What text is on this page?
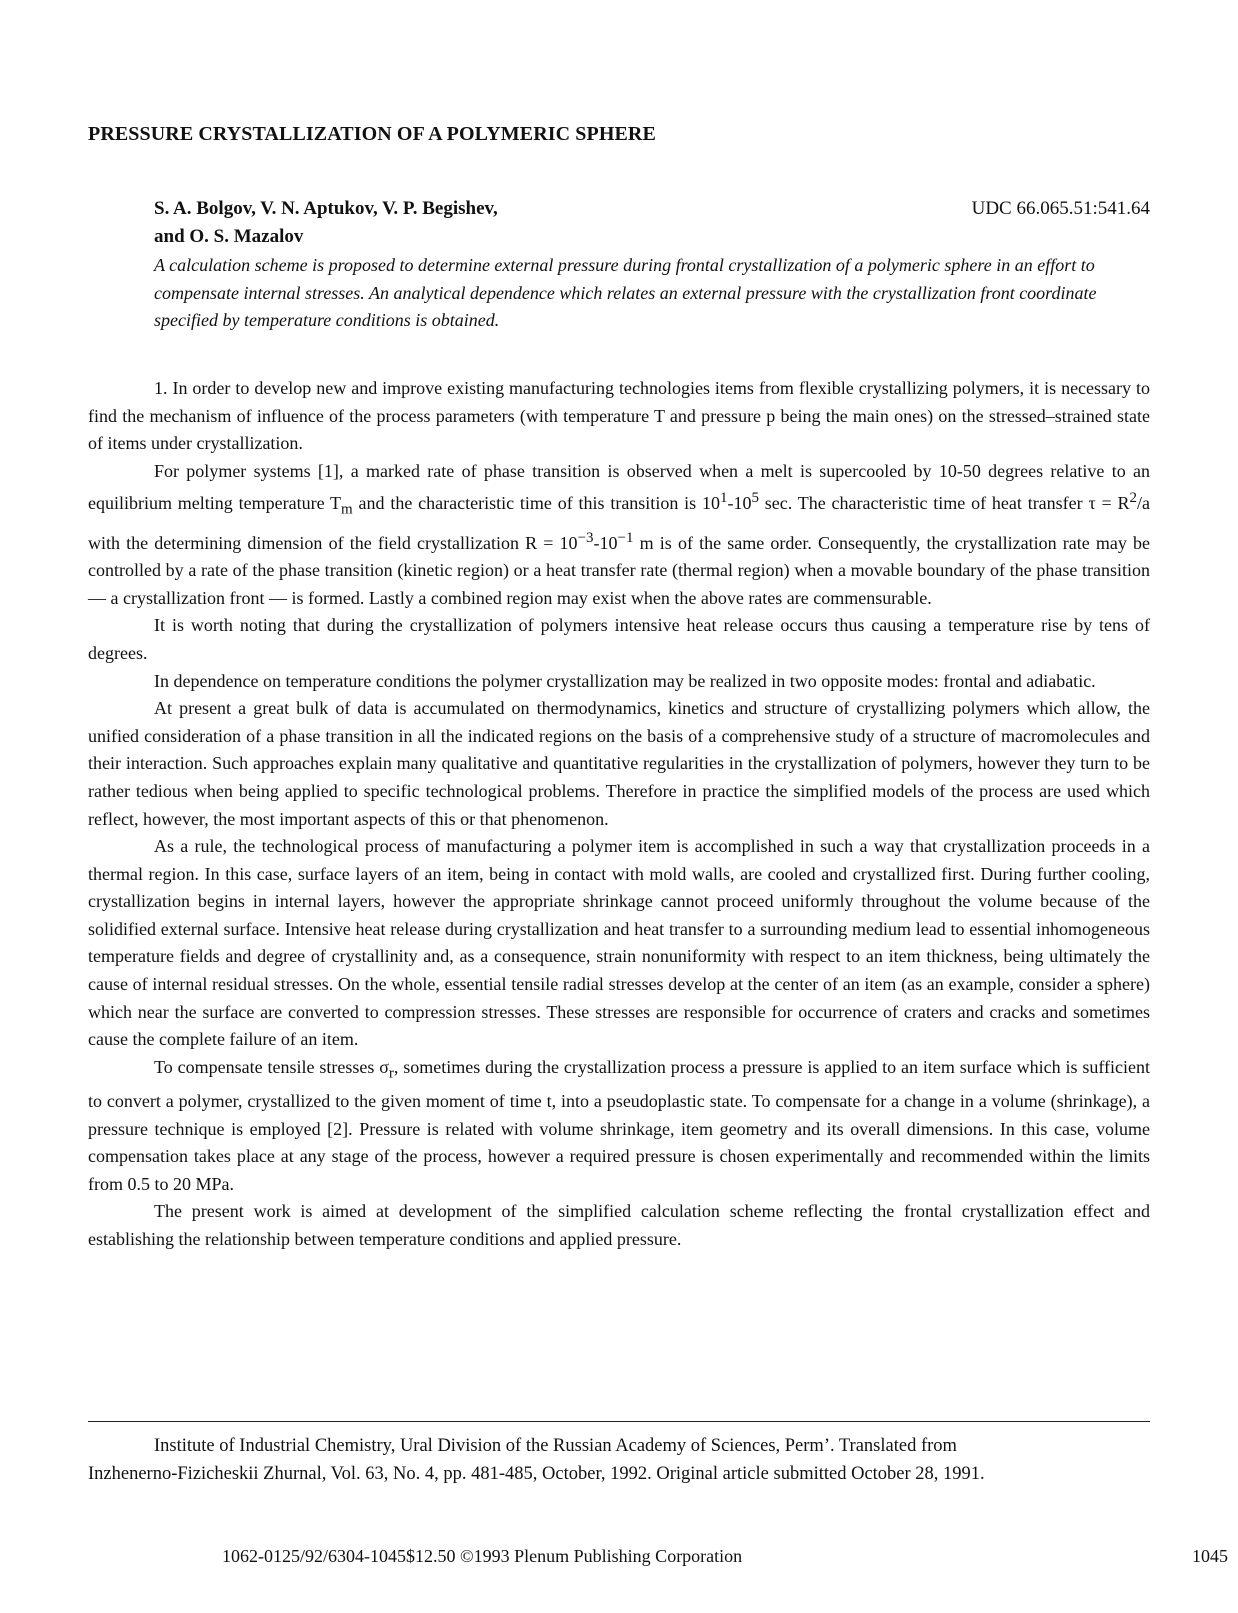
PRESSURE CRYSTALLIZATION OF A POLYMERIC SPHERE
S. A. Bolgov, V. N. Aptukov, V. P. Begishev,
and O. S. Mazalov
UDC 66.065.51:541.64
A calculation scheme is proposed to determine external pressure during frontal crystallization of a polymeric sphere in an effort to compensate internal stresses. An analytical dependence which relates an external pressure with the crystallization front coordinate specified by temperature conditions is obtained.

1. In order to develop new and improve existing manufacturing technologies items from flexible crystallizing polymers, it is necessary to find the mechanism of influence of the process parameters (with temperature T and pressure p being the main ones) on the stressed–strained state of items under crystallization.

For polymer systems [1], a marked rate of phase transition is observed when a melt is supercooled by 10-50 degrees relative to an equilibrium melting temperature $T_m$ and the characteristic time of this transition is $10^1-10^5$ sec. The characteristic time of heat transfer $\tau = R^2/a$ with the determining dimension of the field crystallization $R = 10^{-3}-10^{-1}$ m is of the same order. Consequently, the crystallization rate may be controlled by a rate of the phase transition (kinetic region) or a heat transfer rate (thermal region) when a movable boundary of the phase transition — a crystallization front — is formed. Lastly a combined region may exist when the above rates are commensurable.

It is worth noting that during the crystallization of polymers intensive heat release occurs thus causing a temperature rise by tens of degrees.

In dependence on temperature conditions the polymer crystallization may be realized in two opposite modes: frontal and adiabatic.

At present a great bulk of data is accumulated on thermodynamics, kinetics and structure of crystallizing polymers which allow, the unified consideration of a phase transition in all the indicated regions on the basis of a comprehensive study of a structure of macromolecules and their interaction. Such approaches explain many qualitative and quantitative regularities in the crystallization of polymers, however they turn to be rather tedious when being applied to specific technological problems. Therefore in practice the simplified models of the process are used which reflect, however, the most important aspects of this or that phenomenon.

As a rule, the technological process of manufacturing a polymer item is accomplished in such a way that crystallization proceeds in a thermal region. In this case, surface layers of an item, being in contact with mold walls, are cooled and crystallized first. During further cooling, crystallization begins in internal layers, however the appropriate shrinkage cannot proceed uniformly throughout the volume because of the solidified external surface. Intensive heat release during crystallization and heat transfer to a surrounding medium lead to essential inhomogeneous temperature fields and degree of crystallinity and, as a consequence, strain nonuniformity with respect to an item thickness, being ultimately the cause of internal residual stresses. On the whole, essential tensile radial stresses develop at the center of an item (as an example, consider a sphere) which near the surface are converted to compression stresses. These stresses are responsible for occurrence of craters and cracks and sometimes cause the complete failure of an item.

To compensate tensile stresses $\sigma_r$, sometimes during the crystallization process a pressure is applied to an item surface which is sufficient to convert a polymer, crystallized to the given moment of time t, into a pseudoplastic state. To compensate for a change in a volume (shrinkage), a pressure technique is employed [2]. Pressure is related with volume shrinkage, item geometry and its overall dimensions. In this case, volume compensation takes place at any stage of the process, however a required pressure is chosen experimentally and recommended within the limits from 0.5 to 20 MPa.

The present work is aimed at development of the simplified calculation scheme reflecting the frontal crystallization effect and establishing the relationship between temperature conditions and applied pressure.

Institute of Industrial Chemistry, Ural Division of the Russian Academy of Sciences, Perm’. Translated from
Inzhenerno-Fizicheskii Zhurnal, Vol. 63, No. 4, pp. 481-485, October, 1992. Original article submitted October 28, 1991.
1062-0125/92/6304-1045$12.50 ©1993 Plenum Publishing Corporation	1045
